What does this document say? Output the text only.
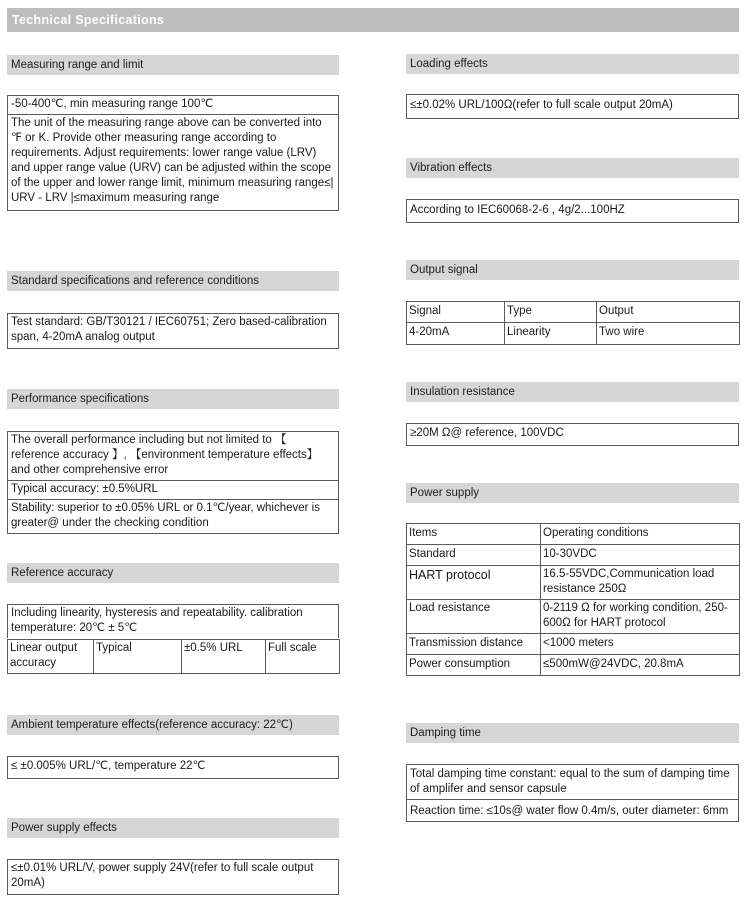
Technical Specifications
Measuring range and limit
-50-400℃, min measuring range 100℃
The unit of the measuring range above can be converted into ℉ or K. Provide other measuring range according to requirements. Adjust requirements: lower range value (LRV) and upper range value (URV) can be adjusted within the scope of the upper and lower range limit, minimum measuring range≤| URV - LRV |≤maximum measuring range
Standard specifications and reference conditions
Test standard: GB/T30121 / IEC60751; Zero based-calibration span, 4-20mA analog output
Performance specifications
The overall performance including but not limited to 【 reference accuracy 】, 【environment temperature effects】and other comprehensive error
Typical accuracy: ±0.5%URL
Stability: superior to ±0.05% URL or 0.1℃/year, whichever is greater@ under the checking condition
Reference accuracy
Including linearity, hysteresis and repeatability. calibration temperature: 20℃ ± 5℃
Linear output accuracy	Typical	±0.5% URL	Full scale
Ambient temperature effects(reference accuracy: 22℃)
≤ ±0.005% URL/℃, temperature 22℃
Power supply effects
≤±0.01% URL/V, power supply 24V(refer to full scale output 20mA)
Loading effects
≤±0.02% URL/100Ω(refer to full scale output 20mA)
Vibration effects
According to IEC60068-2-6 , 4g/2...100HZ
Output signal
Signal	Type	Output
4-20mA	Linearity	Two wire
Insulation resistance
≥20M Ω@ reference, 100VDC
Power supply
Items	Operating conditions
Standard	10-30VDC
HART protocol	16.5-55VDC,Communication load resistance 250Ω
Load resistance	0-2119 Ω for working condition, 250-600Ω for HART protocol
Transmission distance	<1000 meters
Power consumption	≤500mW@24VDC, 20.8mA
Damping time
Total damping time constant: equal to the sum of damping time of amplifer and sensor capsule
Reaction time: ≤10s@ water flow 0.4m/s, outer diameter: 6mm
